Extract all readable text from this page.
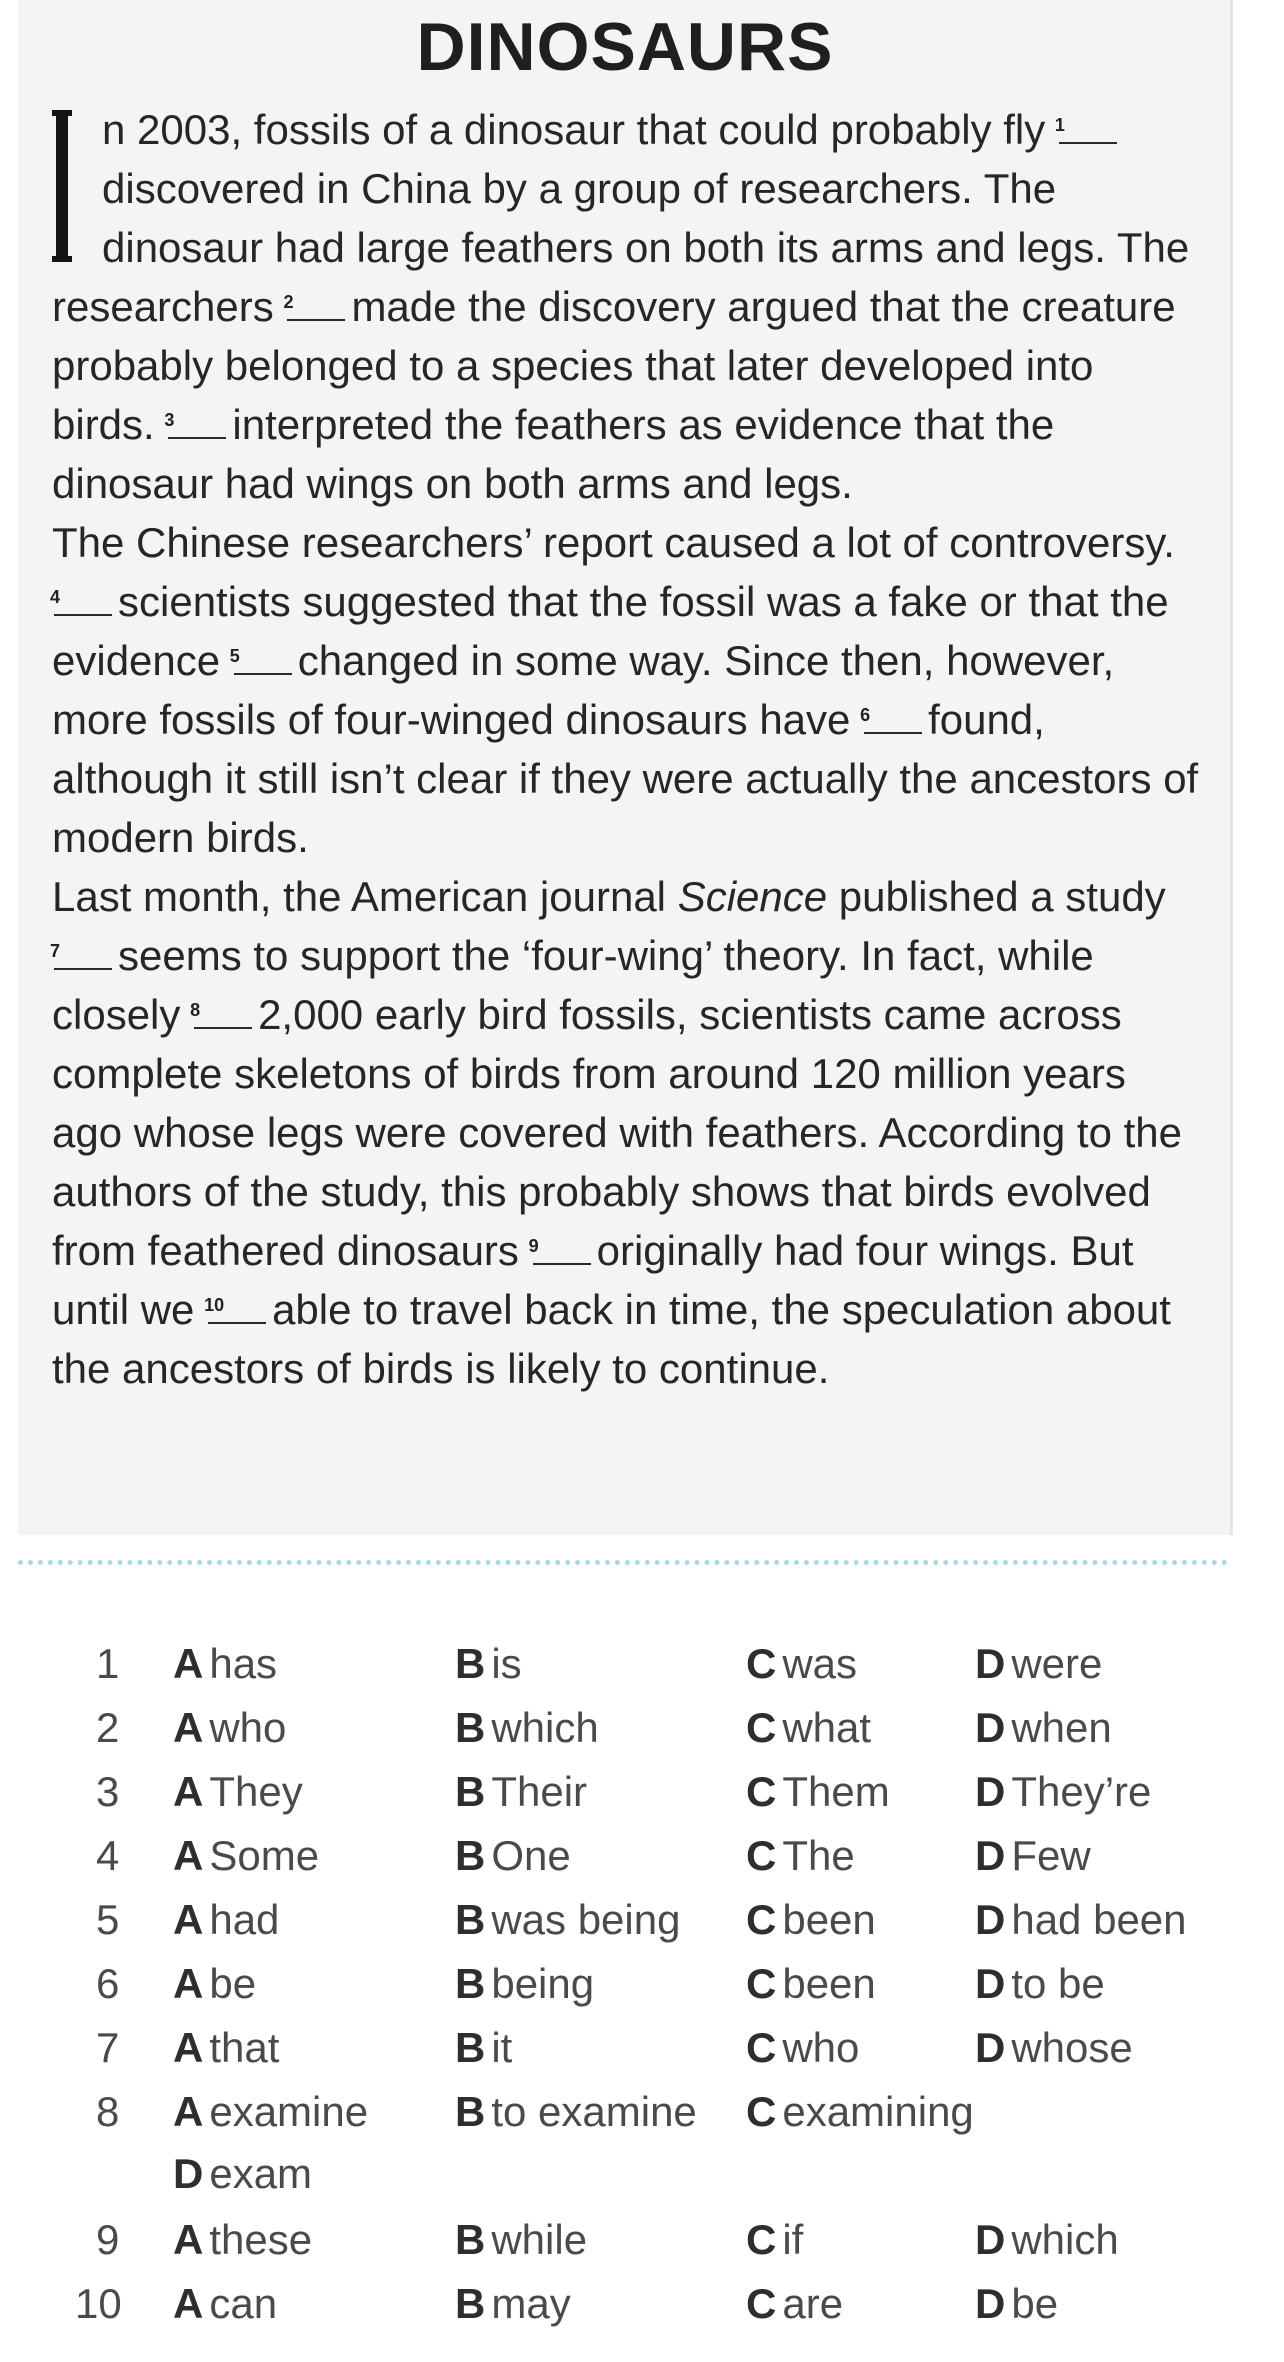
DINOSAURS

n 2003, fossils of a dinosaur that could probably fly 1
discovered in China by a group of researchers. The dinosaur had large feathers on both its arms and legs. The researchers 2 made the discovery argued that the creature probably belonged to a species that later developed into birds. 3 interpreted the feathers as evidence that the dinosaur had wings on both arms and legs.

The Chinese researchers’ report caused a lot of controversy.
4 scientists suggested that the fossil was a fake or that the evidence 5 changed in some way. Since then, however, more fossils of four-winged dinosaurs have 6 found, although it still isn’t clear if they were actually the ancestors of modern birds.

Last month, the American journal Science published a study
7 seems to support the ‘four-wing’ theory. In fact, while closely 8 2,000 early bird fossils, scientists came across complete skeletons of birds from around 120 million years ago whose legs were covered with feathers. According to the authors of the study, this probably shows that birds evolved from feathered dinosaurs 9 originally had four wings. But until we 10 able to travel back in time, the speculation about the ancestors of birds is likely to continue.

1	A has	B is	C was	D were
2	A who	B which	C what D when
3	A They	B Their	C Them D They’re
4	A Some	B One	C The	D Few
5	A had	B was being C been D had been
6	A be	B being	C been D to be
7	A that	B it	C who	D whose
8	A examine B to examine C examining
D exam
9	A these	B while	C if	D which
10	A can	B may	C are	D be
